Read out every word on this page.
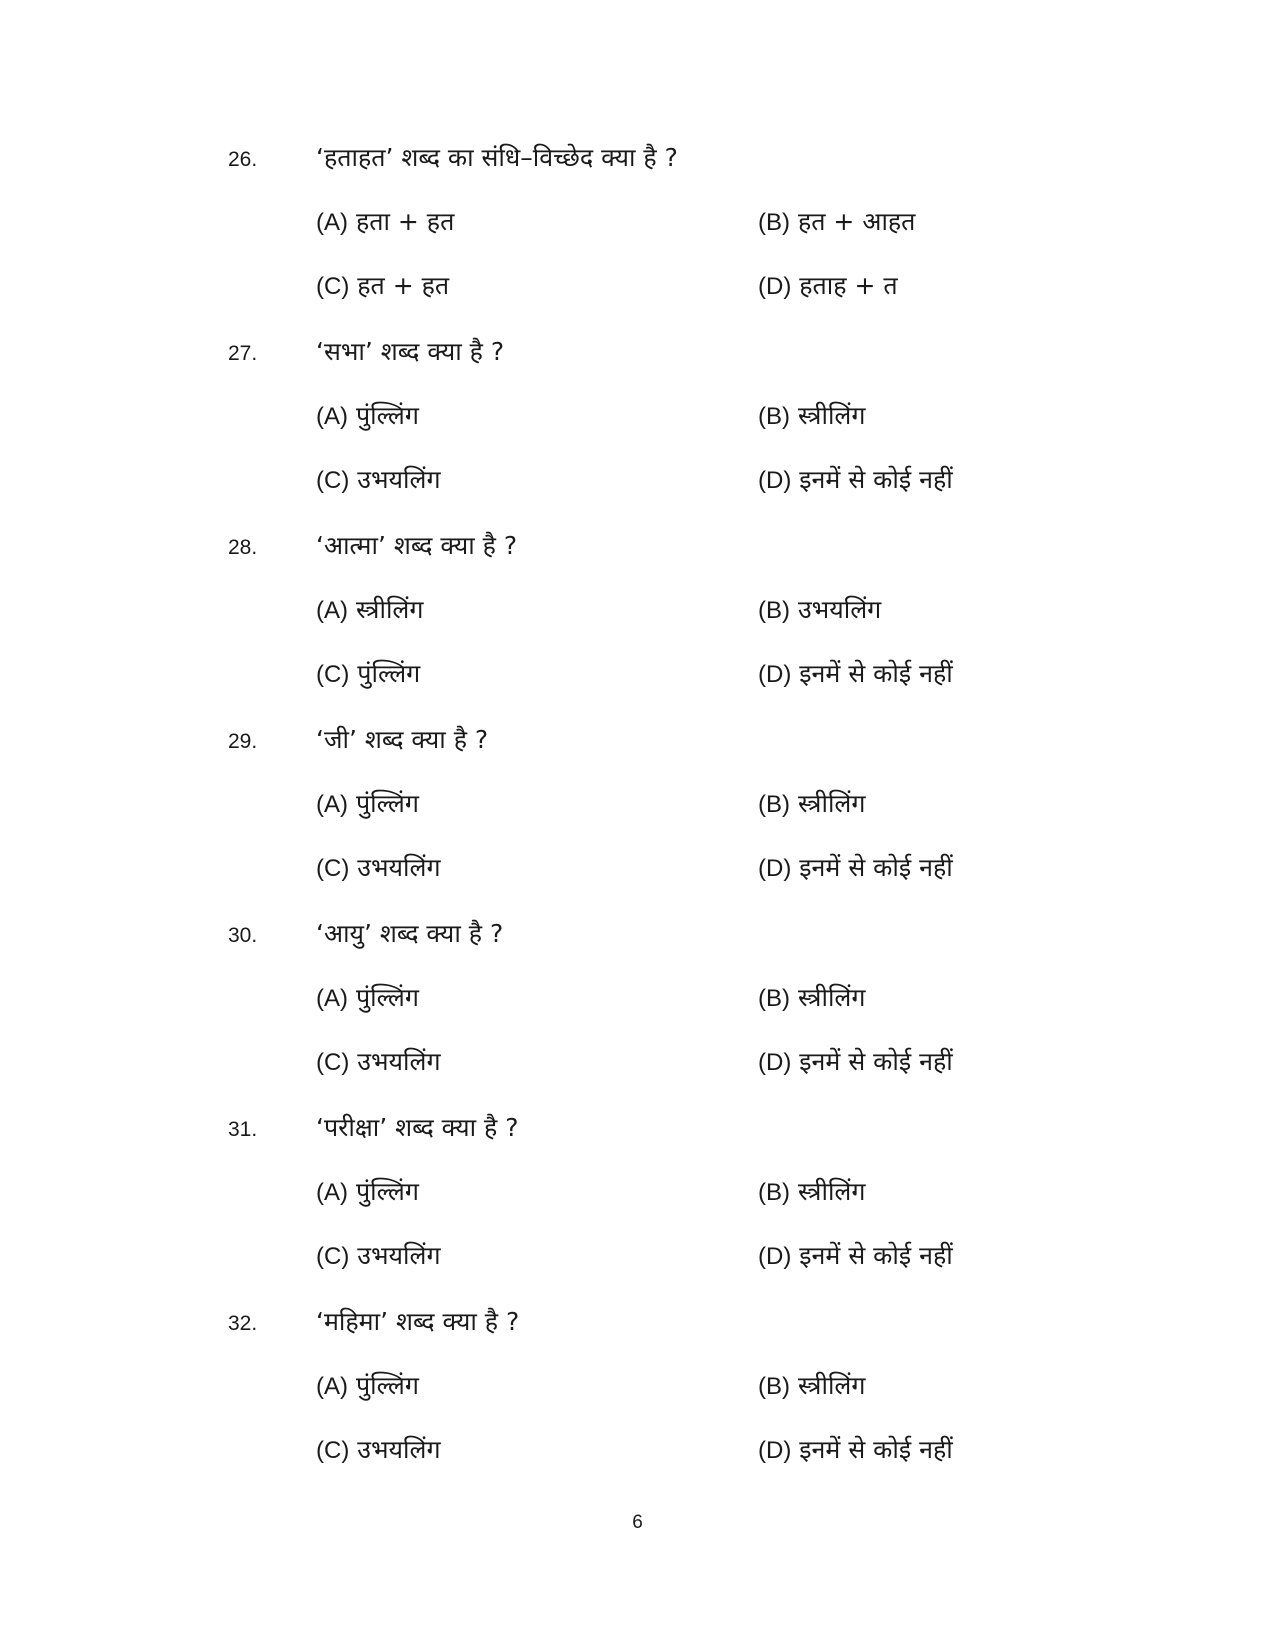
26. ‘हताहत’ शब्द का संधि–विच्छेद क्या है ?
(A) हता + हत	(B) हत + आहत
(C) हत + हत	(D) हताह + त
27. ‘सभा’ शब्द क्या है ?
(A) पुंल्लिंग	(B) स्त्रीलिंग
(C) उभयलिंग	(D) इनमें से कोई नहीं
28. ‘आत्मा’ शब्द क्या है ?
(A) स्त्रीलिंग	(B) उभयलिंग
(C) पुंल्लिंग	(D) इनमें से कोई नहीं
29. ‘जी’ शब्द क्या है ?
(A) पुंल्लिंग	(B) स्त्रीलिंग
(C) उभयलिंग	(D) इनमें से कोई नहीं
30. ‘आयु’ शब्द क्या है ?
(A) पुंल्लिंग	(B) स्त्रीलिंग
(C) उभयलिंग	(D) इनमें से कोई नहीं
31. ‘परीक्षा’ शब्द क्या है ?
(A) पुंल्लिंग	(B) स्त्रीलिंग
(C) उभयलिंग	(D) इनमें से कोई नहीं
32. ‘महिमा’ शब्द क्या है ?
(A) पुंल्लिंग	(B) स्त्रीलिंग
(C) उभयलिंग	(D) इनमें से कोई नहीं
6
